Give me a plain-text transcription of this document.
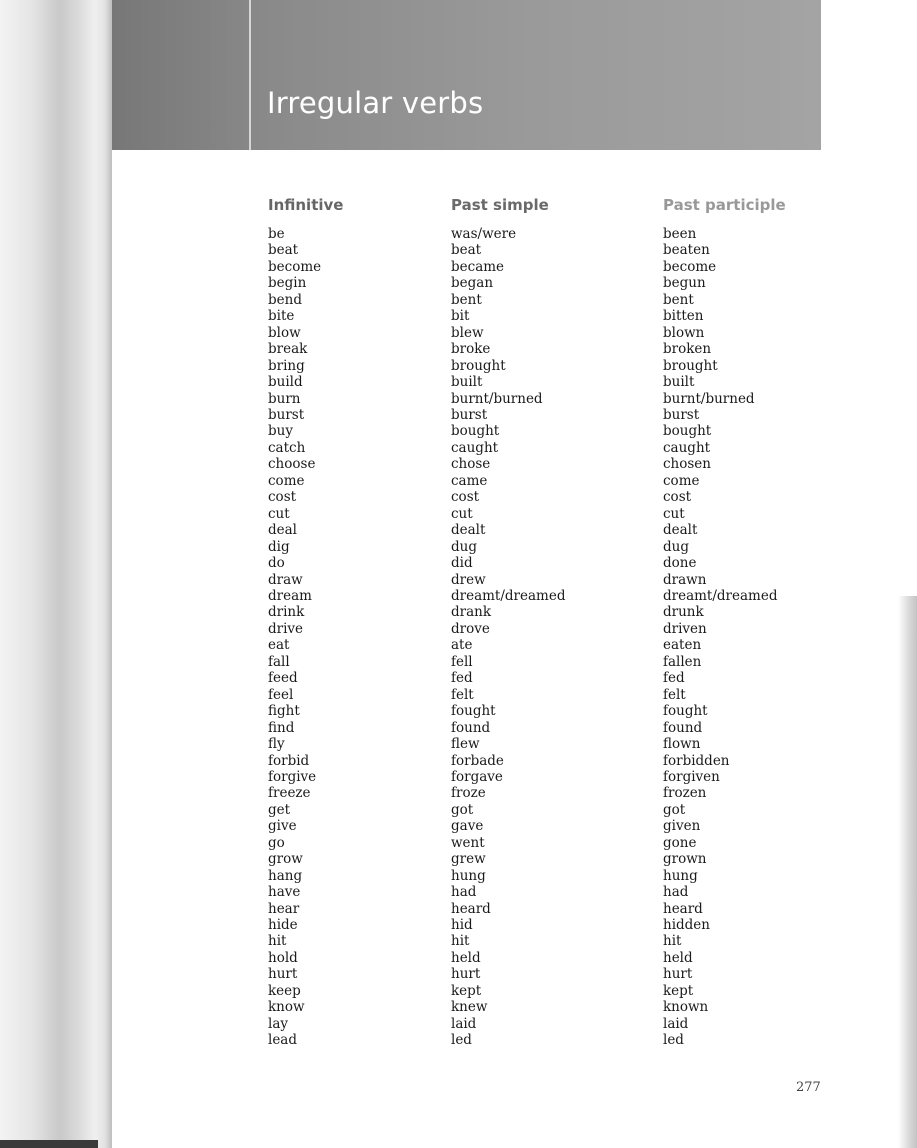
Irregular verbs
Infinitive	Past simple	Past participle
be
beat
become
begin
bend
bite
blow
break
bring
build
burn
burst
buy
catch
choose
come
cost
cut
deal
dig
do
draw
dream
drink
drive
eat
fall
feed
feel
fight
find
fly
forbid
forgive
freeze
get
give
go
grow
hang
have
hear
hide
hit
hold
hurt
keep
know
lay
lead
was/were
beat
became
began
bent
bit
blew
broke
brought
built
burnt/burned
burst
bought
caught
chose
came
cost
cut
dealt
dug
did
drew
dreamt/dreamed
drank
drove
ate
fell
fed
felt
fought
found
flew
forbade
forgave
froze
got
gave
went
grew
hung
had
heard
hid
hit
held
hurt
kept
knew
laid
led
been
beaten
become
begun
bent
bitten
blown
broken
brought
built
burnt/burned
burst
bought
caught
chosen
come
cost
cut
dealt
dug
done
drawn
dreamt/dreamed
drunk
driven
eaten
fallen
fed
felt
fought
found
flown
forbidden
forgiven
frozen
got
given
gone
grown
hung
had
heard
hidden
hit
held
hurt
kept
known
laid
led
277
